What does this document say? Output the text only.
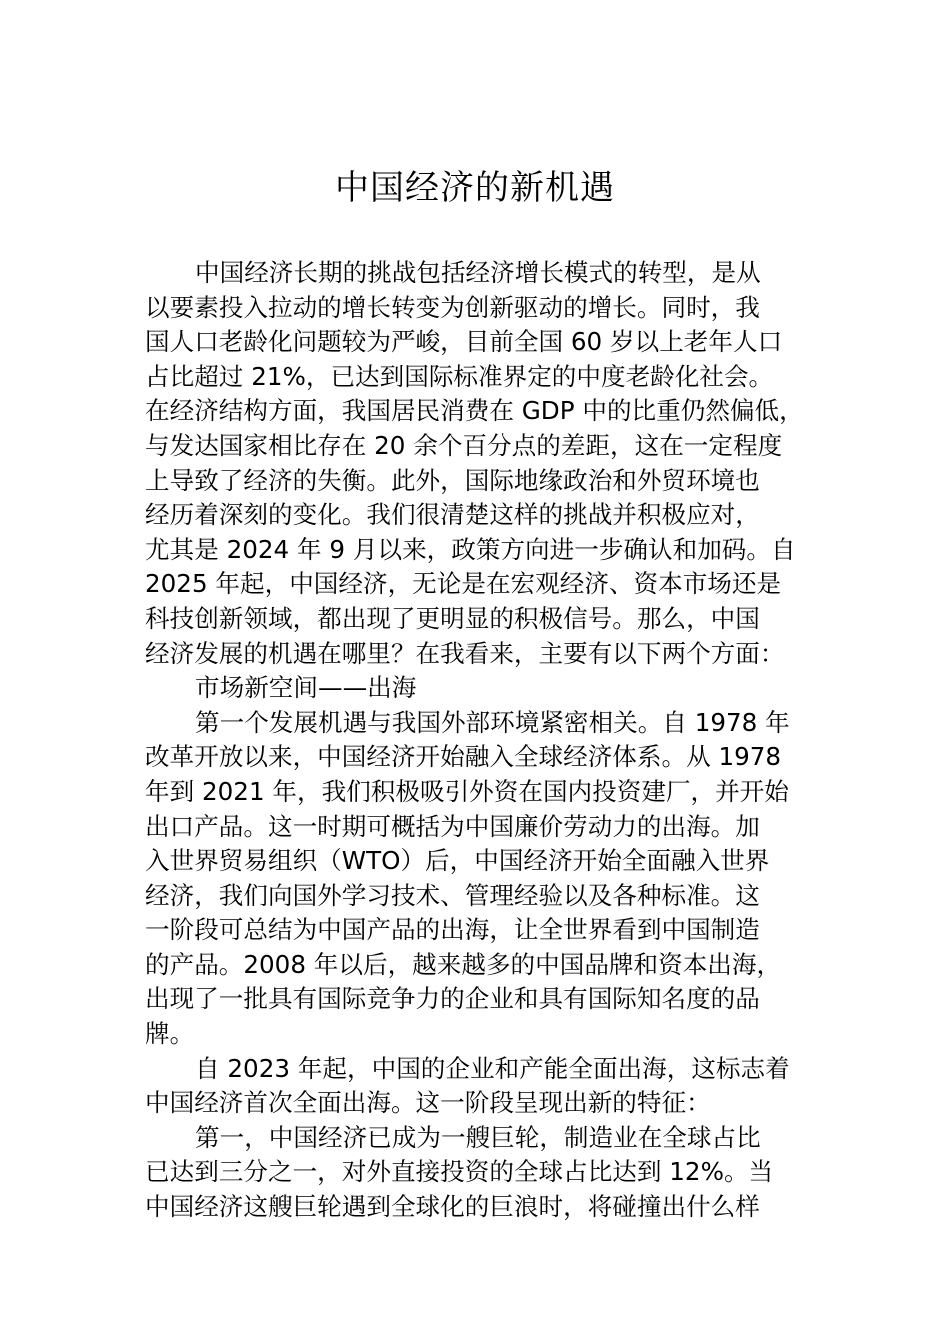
中国经济的新机遇
中国经济长期的挑战包括经济增长模式的转型，是从
以要素投入拉动的增长转变为创新驱动的增长。同时，我
国人口老龄化问题较为严峻，目前全国 60 岁以上老年人口
占比超过 21%，已达到国际标准界定的中度老龄化社会。
在经济结构方面，我国居民消费在 GDP 中的比重仍然偏低，
与发达国家相比存在 20 余个百分点的差距，这在一定程度
上导致了经济的失衡。此外，国际地缘政治和外贸环境也
经历着深刻的变化。我们很清楚这样的挑战并积极应对，
尤其是 2024 年 9 月以来，政策方向进一步确认和加码。自
2025 年起，中国经济，无论是在宏观经济、资本市场还是
科技创新领域，都出现了更明显的积极信号。那么，中国
经济发展的机遇在哪里？在我看来，主要有以下两个方面：
市场新空间——出海
第一个发展机遇与我国外部环境紧密相关。自 1978 年
改革开放以来，中国经济开始融入全球经济体系。从 1978
年到 2021 年，我们积极吸引外资在国内投资建厂，并开始
出口产品。这一时期可概括为中国廉价劳动力的出海。加
入世界贸易组织（WTO）后，中国经济开始全面融入世界
经济，我们向国外学习技术、管理经验以及各种标准。这
一阶段可总结为中国产品的出海，让全世界看到中国制造
的产品。2008 年以后，越来越多的中国品牌和资本出海，
出现了一批具有国际竞争力的企业和具有国际知名度的品
牌。
自 2023 年起，中国的企业和产能全面出海，这标志着
中国经济首次全面出海。这一阶段呈现出新的特征：
第一，中国经济已成为一艘巨轮，制造业在全球占比
已达到三分之一，对外直接投资的全球占比达到 12%。当
中国经济这艘巨轮遇到全球化的巨浪时，将碰撞出什么样
